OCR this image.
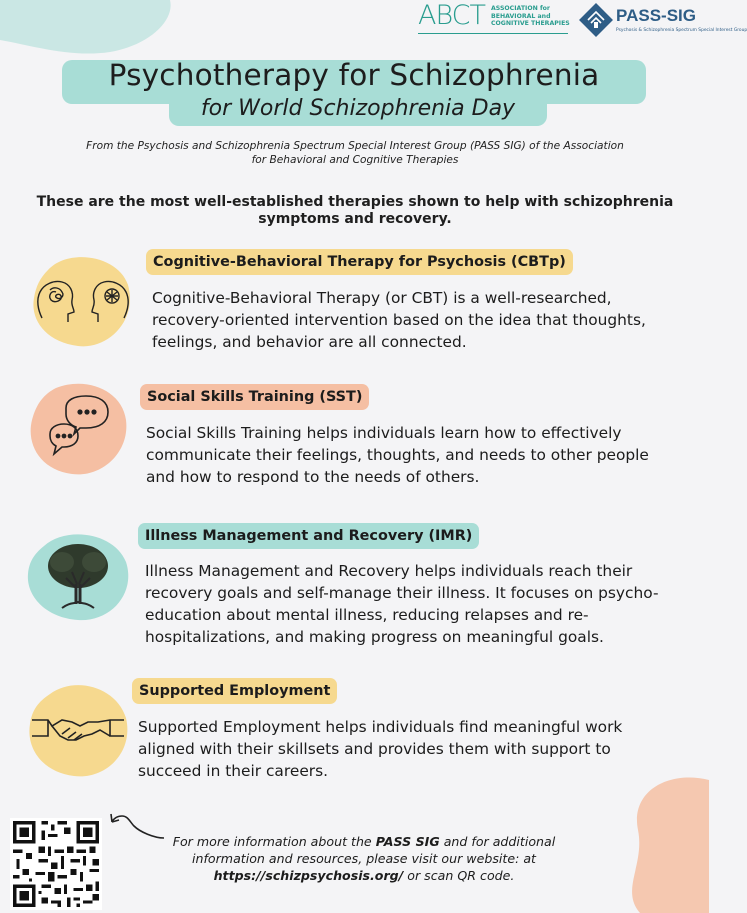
ABCT ASSOCIATION for
BEHAVIORAL and
COGNITIVE THERAPIES	PASS-SIG
Psychosis & Schizophrenia Spectrum Special Interest Group
Psychotherapy for Schizophrenia
for World Schizophrenia Day
From the Psychosis and Schizophrenia Spectrum Special Interest Group (PASS SIG) of the Association for Behavioral and Cognitive Therapies
These are the most well-established therapies shown to help with schizophrenia symptoms and recovery.
Cognitive-Behavioral Therapy for Psychosis (CBTp)
Cognitive-Behavioral Therapy (or CBT) is a well-researched, recovery-oriented intervention based on the idea that thoughts, feelings, and behavior are all connected.
Social Skills Training (SST)
Social Skills Training helps individuals learn how to effectively communicate their feelings, thoughts, and needs to other people and how to respond to the needs of others.
Illness Management and Recovery (IMR)
Illness Management and Recovery helps individuals reach their recovery goals and self-manage their illness. It focuses on psycho-education about mental illness, reducing relapses and re-hospitalizations, and making progress on meaningful goals.
Supported Employment
Supported Employment helps individuals find meaningful work aligned with their skillsets and provides them with support to succeed in their careers.
For more information about the PASS SIG and for additional information and resources, please visit our website: at https://schizpsychosis.org/ or scan QR code.
